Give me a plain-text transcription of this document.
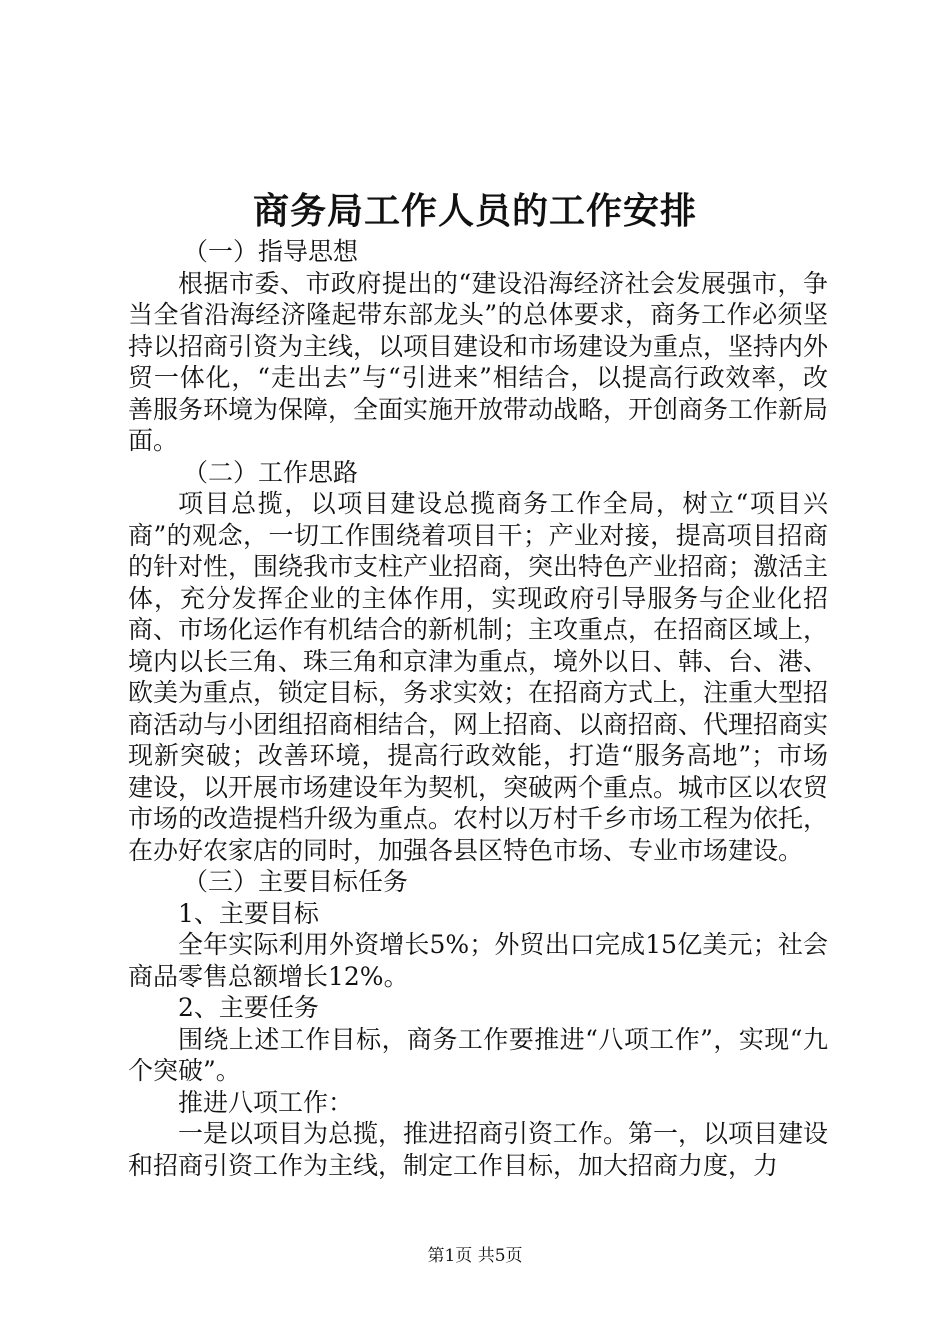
商务局工作人员的工作安排

（一）指导思想

根据市委、市政府提出的“建设沿海经济社会发展强市，争当全省沿海经济隆起带东部龙头”的总体要求，商务工作必须坚持以招商引资为主线，以项目建设和市场建设为重点，坚持内外贸一体化，“走出去”与“引进来”相结合，以提高行政效率，改善服务环境为保障，全面实施开放带动战略，开创商务工作新局面。

（二）工作思路

项目总揽，以项目建设总揽商务工作全局，树立“项目兴商”的观念，一切工作围绕着项目干；产业对接，提高项目招商的针对性，围绕我市支柱产业招商，突出特色产业招商；激活主体，充分发挥企业的主体作用，实现政府引导服务与企业化招商、市场化运作有机结合的新机制；主攻重点，在招商区域上，境内以长三角、珠三角和京津为重点，境外以日、韩、台、港、欧美为重点，锁定目标，务求实效；在招商方式上，注重大型招商活动与小团组招商相结合，网上招商、以商招商、代理招商实现新突破；改善环境，提高行政效能，打造“服务高地”；市场建设，以开展市场建设年为契机，突破两个重点。城市区以农贸市场的改造提档升级为重点。农村以万村千乡市场工程为依托，在办好农家店的同时，加强各县区特色市场、专业市场建设。

（三）主要目标任务

1、主要目标

全年实际利用外资增长5%；外贸出口完成15亿美元；社会商品零售总额增长12%。

2、主要任务

围绕上述工作目标，商务工作要推进“八项工作”，实现“九个突破”。

推进八项工作：

一是以项目为总揽，推进招商引资工作。第一，以项目建设和招商引资工作为主线，制定工作目标，加大招商力度，力

第1页 共5页
